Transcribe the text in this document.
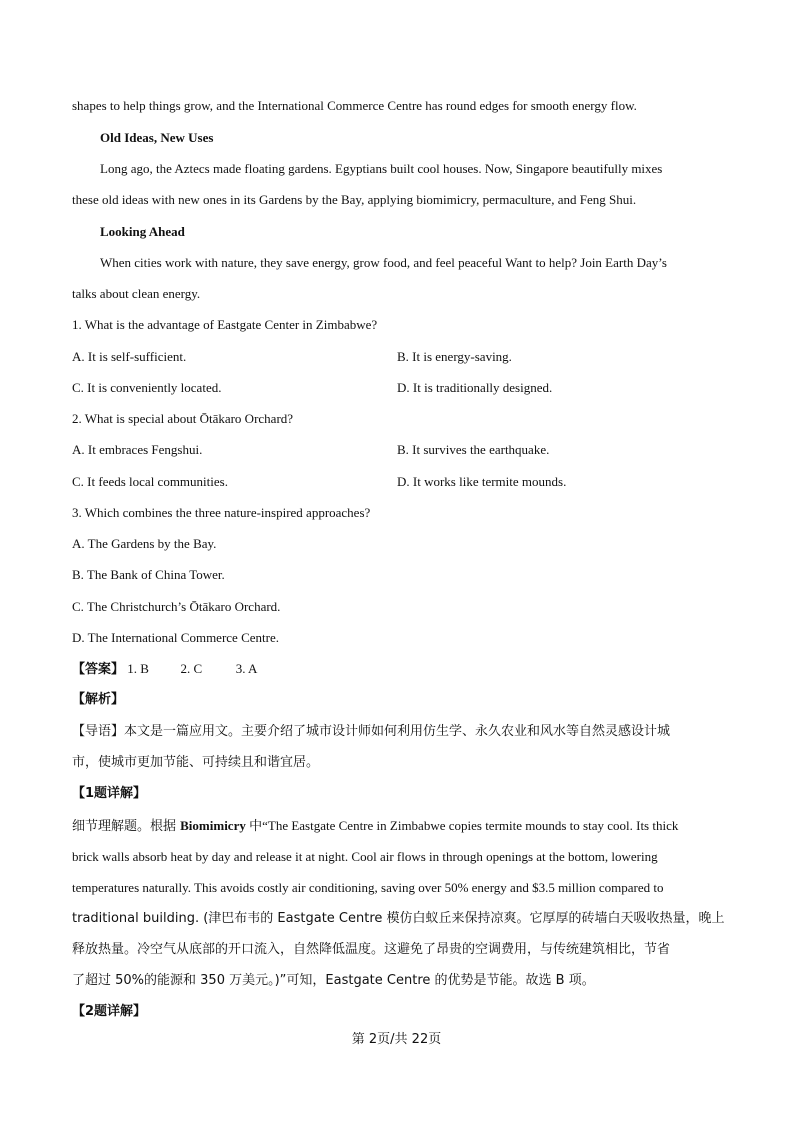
shapes to help things grow, and the International Commerce Centre has round edges for smooth energy flow.
Old Ideas, New Uses
Long ago, the Aztecs made floating gardens. Egyptians built cool houses. Now, Singapore beautifully mixes
these old ideas with new ones in its Gardens by the Bay, applying biomimicry, permaculture, and Feng Shui.
Looking Ahead
When cities work with nature, they save energy, grow food, and feel peaceful Want to help? Join Earth Day’s
talks about clean energy.
1. What is the advantage of Eastgate Center in Zimbabwe?
A. It is self-sufficient.	B. It is energy-saving.
C. It is conveniently located.	D. It is traditionally designed.
2. What is special about Ōtākaro Orchard?
A. It embraces Fengshui.	B. It survives the earthquake.
C. It feeds local communities.	D. It works like termite mounds.
3. Which combines the three nature-inspired approaches?
A. The Gardens by the Bay.
B. The Bank of China Tower.
C. The Christchurch’s Ōtākaro Orchard.
D. The International Commerce Centre.
【答案】 1. B 2. C	3. A
【解析】
【导语】本文是一篇应用文。主要介绍了城市设计师如何利用仿生学、永久农业和风水等自然灵感设计城
市，使城市更加节能、可持续且和谐宜居。
【1题详解】
细节理解题。根据 Biomimicry 中“The Eastgate Centre in Zimbabwe copies termite mounds to stay cool. Its thick
brick walls absorb heat by day and release it at night. Cool air flows in through openings at the bottom, lowering
temperatures naturally. This avoids costly air conditioning, saving over 50% energy and $3.5 million compared to
traditional building. (津巴布韦的 Eastgate Centre 模仿白蚁丘来保持凉爽。它厚厚的砖墙白天吸收热量，晚上
释放热量。冷空气从底部的开口流入，自然降低温度。这避免了昂贵的空调费用，与传统建筑相比，节省
了超过 50%的能源和 350 万美元。)”可知，Eastgate Centre 的优势是节能。故选 B 项。
【2题详解】
第 2页/共 22页
